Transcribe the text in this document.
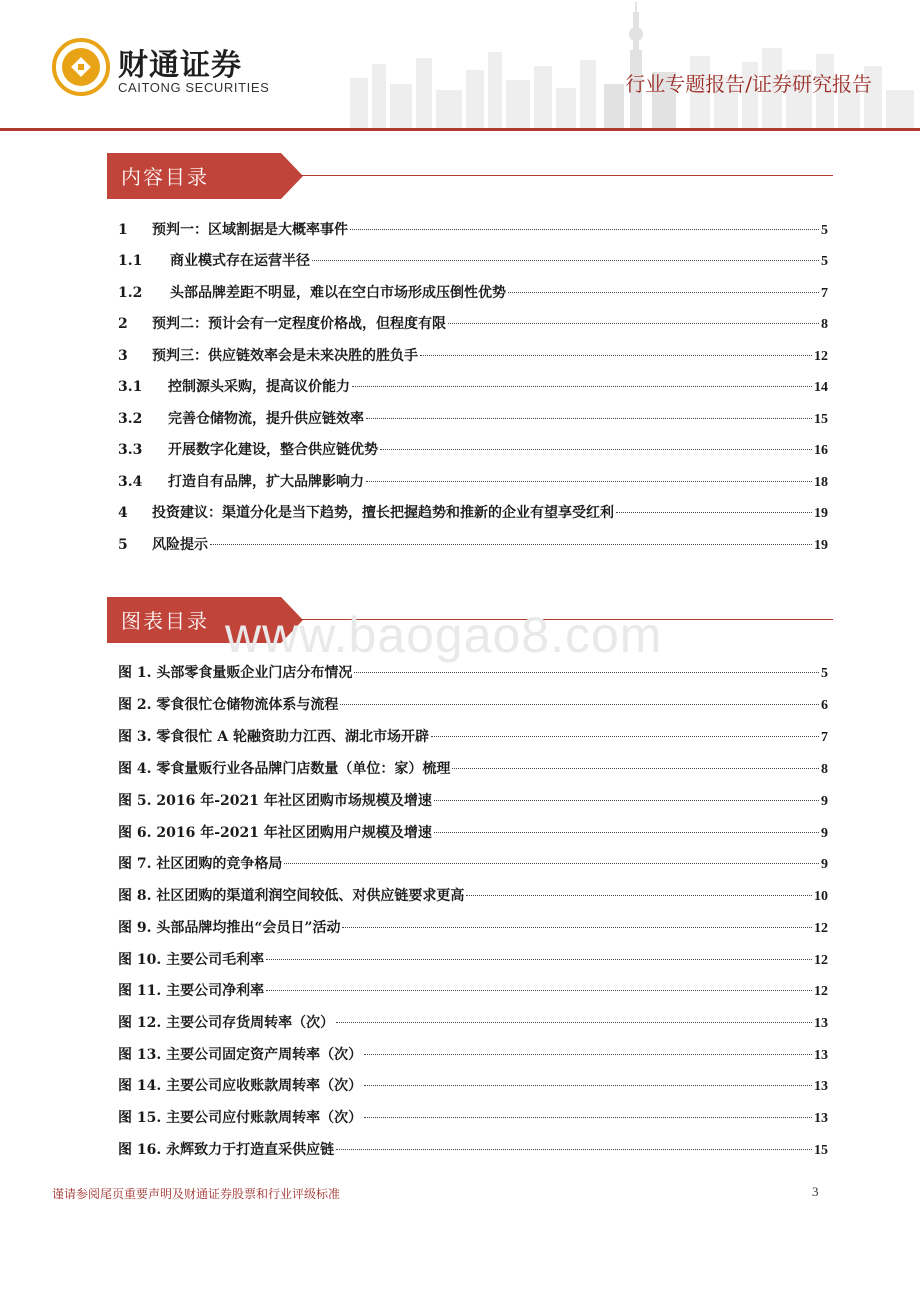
财通证券
CAITONG SECURITIES	行业专题报告/证券研究报告
内容目录
1	预判一：区域割据是大概率事件	5
1.1	商业模式存在运营半径	5
1.2	头部品牌差距不明显，难以在空白市场形成压倒性优势	7
2	预判二：预计会有一定程度价格战，但程度有限	8
3	预判三：供应链效率会是未来决胜的胜负手	12
3.1	控制源头采购，提高议价能力	14
3.2	完善仓储物流，提升供应链效率	15
3.3	开展数字化建设，整合供应链优势	16
3.4	打造自有品牌，扩大品牌影响力	18
4	投资建议：渠道分化是当下趋势，擅长把握趋势和推新的企业有望享受红利	19
5	风险提示	19
图表目录 www.baogao8.com
图 1. 头部零食量贩企业门店分布情况	5
图 2. 零食很忙仓储物流体系与流程	6
图 3. 零食很忙 A 轮融资助力江西、湖北市场开辟	7
图 4. 零食量贩行业各品牌门店数量（单位：家）梳理	8
图 5. 2016 年-2021 年社区团购市场规模及增速	9
图 6. 2016 年-2021 年社区团购用户规模及增速	9
图 7. 社区团购的竞争格局	9
图 8. 社区团购的渠道利润空间较低、对供应链要求更高	10
图 9. 头部品牌均推出“会员日”活动	12
图 10. 主要公司毛利率	12
图 11. 主要公司净利率	12
图 12. 主要公司存货周转率（次）	13
图 13. 主要公司固定资产周转率（次）	13
图 14. 主要公司应收账款周转率（次）	13
图 15. 主要公司应付账款周转率（次）	13
图 16. 永辉致力于打造直采供应链	15
谨请参阅尾页重要声明及财通证券股票和行业评级标准	3
